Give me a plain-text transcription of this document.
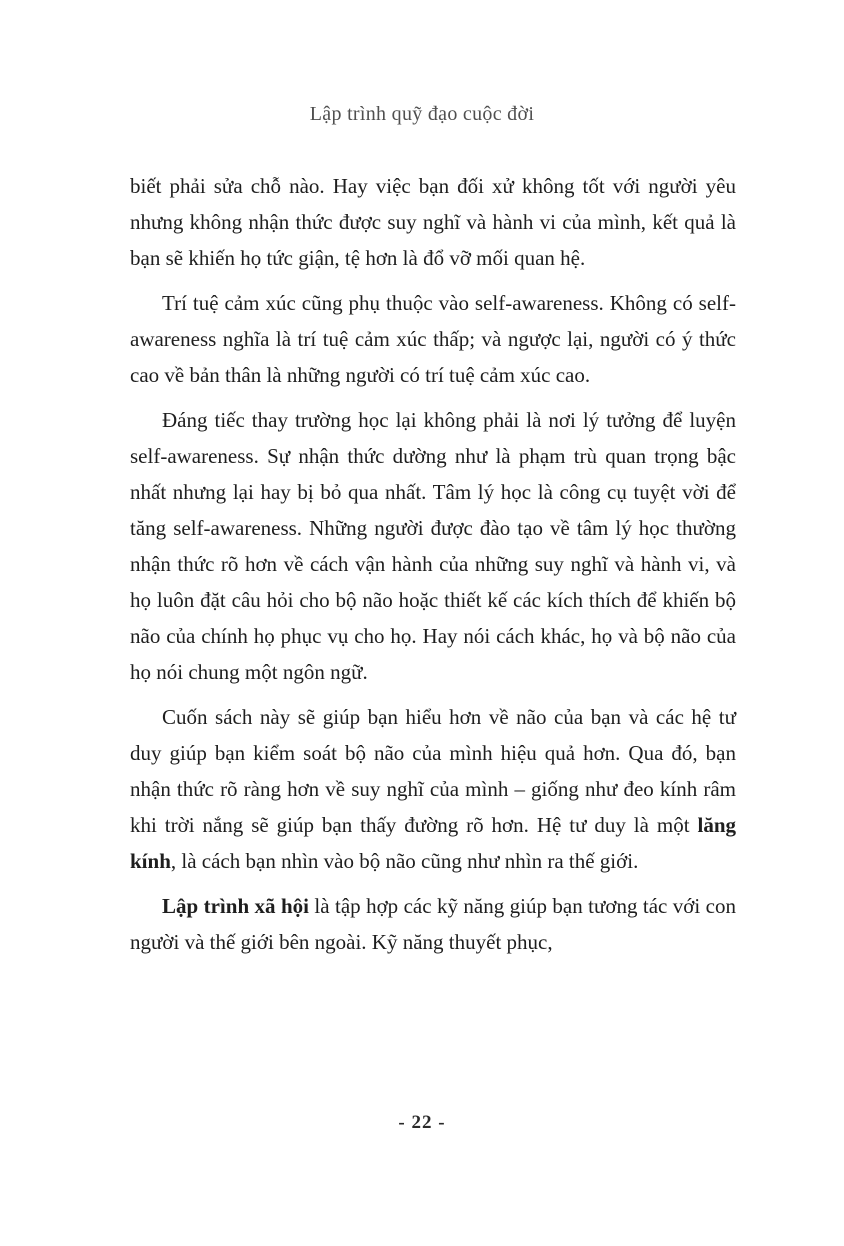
Lập trình quỹ đạo cuộc đời

biết phải sửa chỗ nào. Hay việc bạn đối xử không tốt với người yêu nhưng không nhận thức được suy nghĩ và hành vi của mình, kết quả là bạn sẽ khiến họ tức giận, tệ hơn là đổ vỡ mối quan hệ.

Trí tuệ cảm xúc cũng phụ thuộc vào self-awareness. Không có self-awareness nghĩa là trí tuệ cảm xúc thấp; và ngược lại, người có ý thức cao về bản thân là những người có trí tuệ cảm xúc cao.

Đáng tiếc thay trường học lại không phải là nơi lý tưởng để luyện self-awareness. Sự nhận thức dường như là phạm trù quan trọng bậc nhất nhưng lại hay bị bỏ qua nhất. Tâm lý học là công cụ tuyệt vời để tăng self-awareness. Những người được đào tạo về tâm lý học thường nhận thức rõ hơn về cách vận hành của những suy nghĩ và hành vi, và họ luôn đặt câu hỏi cho bộ não hoặc thiết kế các kích thích để khiến bộ não của chính họ phục vụ cho họ. Hay nói cách khác, họ và bộ não của họ nói chung một ngôn ngữ.

Cuốn sách này sẽ giúp bạn hiểu hơn về não của bạn và các hệ tư duy giúp bạn kiểm soát bộ não của mình hiệu quả hơn. Qua đó, bạn nhận thức rõ ràng hơn về suy nghĩ của mình – giống như đeo kính râm khi trời nắng sẽ giúp bạn thấy đường rõ hơn. Hệ tư duy là một lăng kính, là cách bạn nhìn vào bộ não cũng như nhìn ra thế giới.

Lập trình xã hội là tập hợp các kỹ năng giúp bạn tương tác với con người và thế giới bên ngoài. Kỹ năng thuyết phục,

- 22 -
